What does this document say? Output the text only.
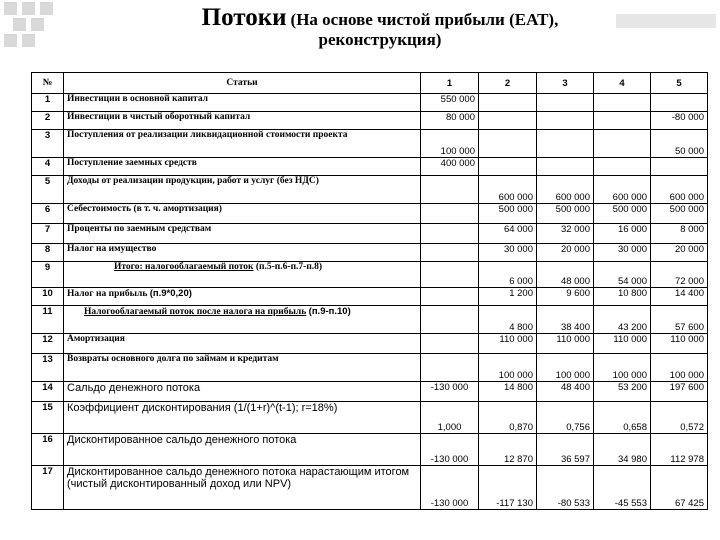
Потоки (На основе чистой прибыли (EAT),
реконструкция)
№	Статьи	1	2	3	4	5
1	Инвестиции в основной капитал	550 000				
2	Инвестиции в чистый оборотный капитал	80 000				-80 000
3	Поступления от реализации ликвидационной стоимости проекта	100 000				50 000
4	Поступление заемных средств	400 000				
5	Доходы от реализации продукции, работ и услуг (без НДС)		600 000	600 000	600 000	600 000
6	Себестоимость (в т. ч. амортизация)		500 000	500 000	500 000	500 000
7	Проценты по заемным средствам		64 000	32 000	16 000	8 000
8	Налог на имущество		30 000	20 000	30 000	20 000
9	Итого: налогооблагаемый поток (п.5-п.6-п.7-п.8)		6 000	48 000	54 000	72 000
10	Налог на прибыль (п.9*0,20)		1 200	9 600	10 800	14 400
11	Налогооблагаемый поток после налога на прибыль (п.9-п.10)		4 800	38 400	43 200	57 600
12	Амортизация		110 000	110 000	110 000	110 000
13	Возвраты основного долга по займам и кредитам		100 000	100 000	100 000	100 000
14	Сальдо денежного потока	-130 000	14 800	48 400	53 200	197 600
15	Коэффициент дисконтирования (1/(1+r)^(t-1); r=18%)	1,000	0,870	0,756	0,658	0,572
16	Дисконтированное сальдо денежного потока	-130 000	12 870	36 597	34 980	112 978
17	Дисконтированное сальдо денежного потока нарастающим итогом (чистый дисконтированный доход или NPV)	-130 000	-117 130	-80 533	-45 553	67 425
